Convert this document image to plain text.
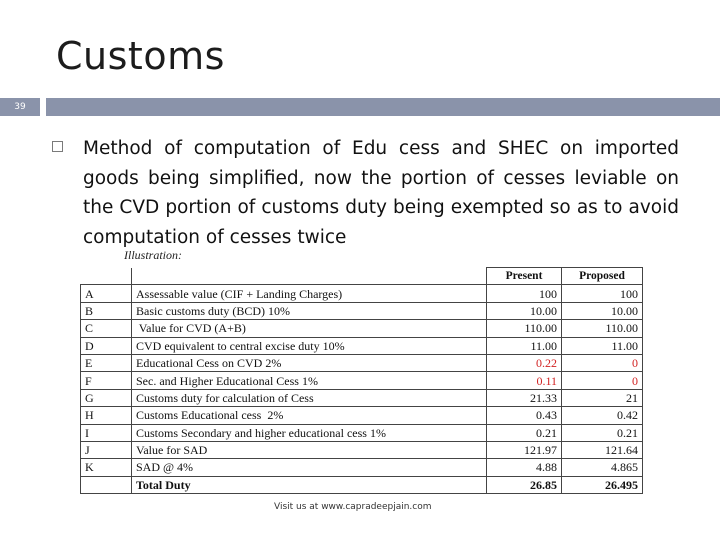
Customs
39
Method of computation of Edu cess and SHEC on imported goods being simplified, now the portion of cesses leviable on the CVD portion of customs duty being exempted so as to avoid computation of cesses twice
Illustration:
		Present	Proposed
A	Assessable value (CIF + Landing Charges)	100	100
B	Basic customs duty (BCD) 10%	10.00	10.00
C	Value for CVD (A+B)	110.00	110.00
D	CVD equivalent to central excise duty 10%	11.00	11.00
E	Educational Cess on CVD 2%	0.22	0
F	Sec. and Higher Educational Cess 1%	0.11	0
G	Customs duty for calculation of Cess	21.33	21
H	Customs Educational cess  2%	0.43	0.42
I	Customs Secondary and higher educational cess 1%	0.21	0.21
J	Value for SAD	121.97	121.64
K	SAD @ 4%	4.88	4.865
	Total Duty	26.85	26.495
Visit us at www.capradeepjain.com
